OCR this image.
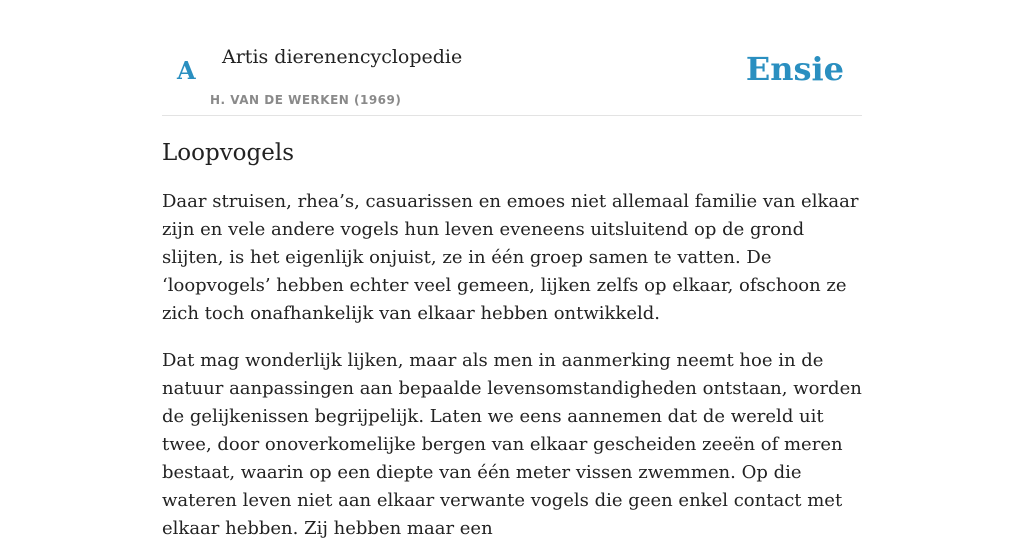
A Artis dierenencyclopedie
H. VAN DE WERKEN (1969)
Ensie
Loopvogels

Daar struisen, rhea’s, casuarissen en emoes niet allemaal familie van elkaar zijn en vele andere vogels hun leven eveneens uitsluitend op de grond slijten, is het eigenlijk onjuist, ze in één groep samen te vatten. De ‘loopvogels’ hebben echter veel gemeen, lijken zelfs op elkaar, ofschoon ze zich toch onafhankelijk van elkaar hebben ontwikkeld.

Dat mag wonderlijk lijken, maar als men in aanmerking neemt hoe in de natuur aanpassingen aan bepaalde levensomstandigheden ontstaan, worden de gelijkenissen begrijpelijk. Laten we eens aannemen dat de wereld uit twee, door onoverkomelijke bergen van elkaar gescheiden zeeën of meren bestaat, waarin op een diepte van één meter vissen zwemmen. Op die wateren leven niet aan elkaar verwante vogels die geen enkel contact met elkaar hebben. Zij hebben maar een
